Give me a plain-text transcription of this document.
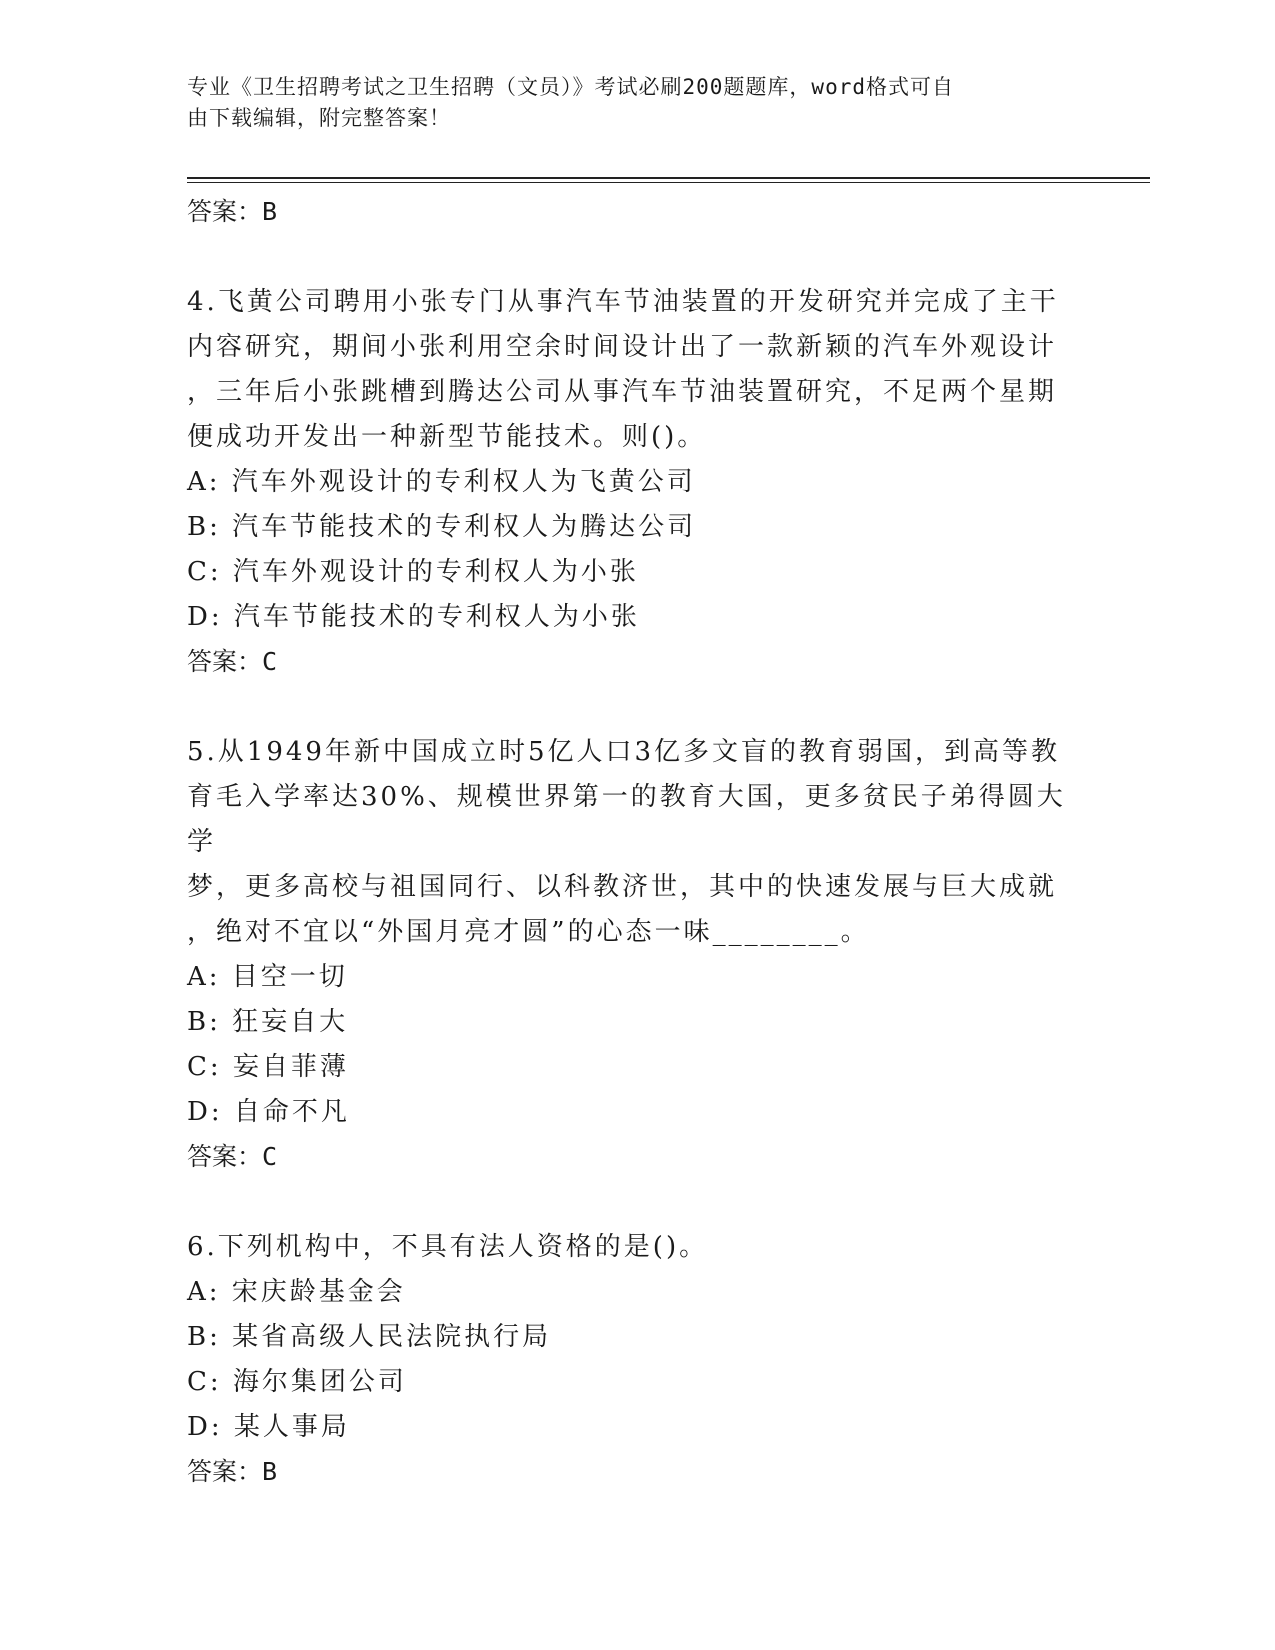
专业《卫生招聘考试之卫生招聘（文员）》考试必刷200题题库，word格式可自
由下载编辑，附完整答案！

答案：B

4.飞黄公司聘用小张专门从事汽车节油装置的开发研究并完成了主干

内容研究，期间小张利用空余时间设计出了一款新颖的汽车外观设计

，三年后小张跳槽到腾达公司从事汽车节油装置研究，不足两个星期

便成功开发出一种新型节能技术。则()。

A: 汽车外观设计的专利权人为飞黄公司

B: 汽车节能技术的专利权人为腾达公司

C: 汽车外观设计的专利权人为小张

D: 汽车节能技术的专利权人为小张

答案：C

5.从1949年新中国成立时5亿人口3亿多文盲的教育弱国，到高等教

育毛入学率达30%、规模世界第一的教育大国，更多贫民子弟得圆大学

梦，更多高校与祖国同行、以科教济世，其中的快速发展与巨大成就

，绝对不宜以“外国月亮才圆”的心态一味________。

A: 目空一切

B: 狂妄自大

C: 妄自菲薄

D: 自命不凡

答案：C

6.下列机构中，不具有法人资格的是()。

A: 宋庆龄基金会

B: 某省高级人民法院执行局

C: 海尔集团公司

D: 某人事局

答案：B
